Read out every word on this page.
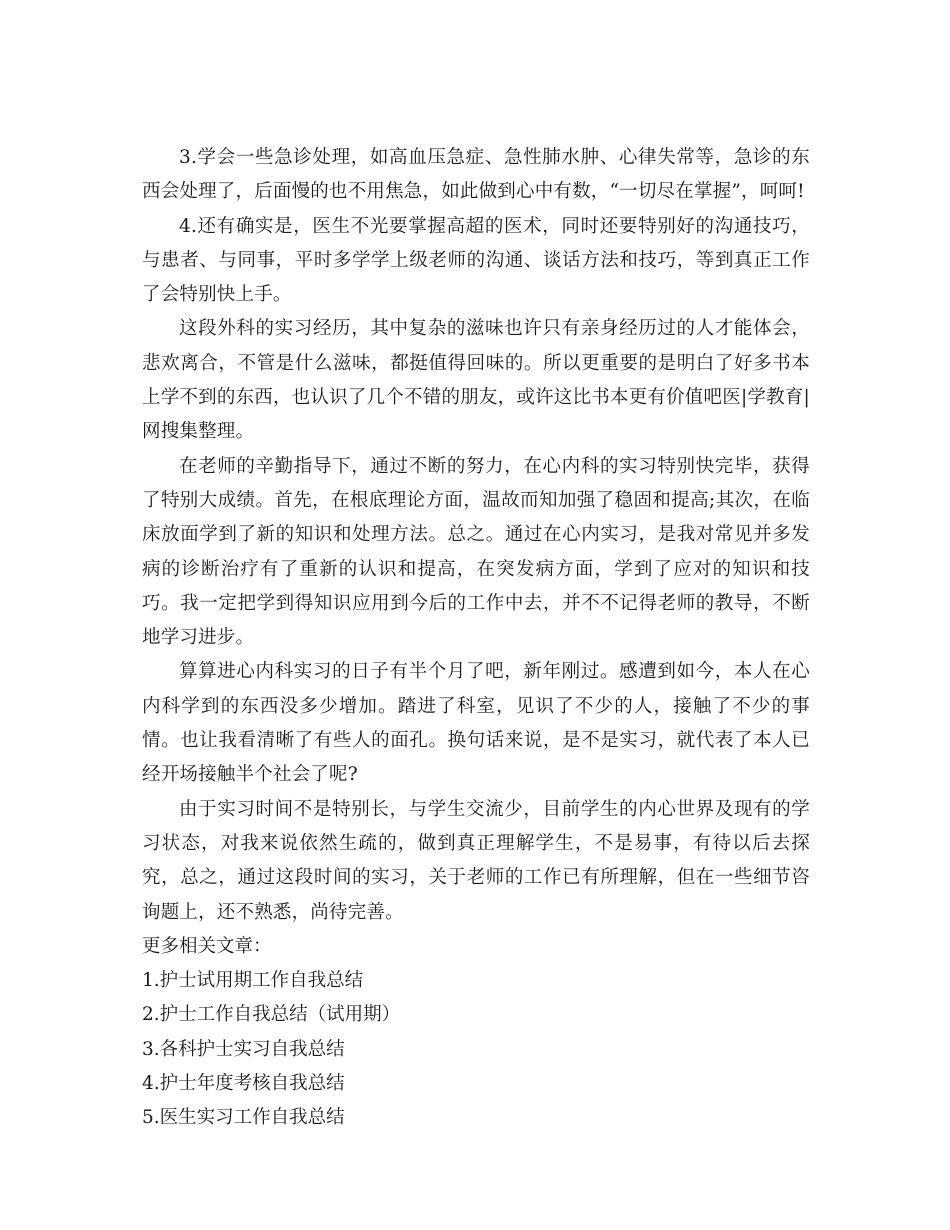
3.学会一些急诊处理，如高血压急症、急性肺水肿、心律失常等，急诊的东西会处理了，后面慢的也不用焦急，如此做到心中有数，“一切尽在掌握”，呵呵!

4.还有确实是，医生不光要掌握高超的医术，同时还要特别好的沟通技巧，与患者、与同事，平时多学学上级老师的沟通、谈话方法和技巧，等到真正工作了会特别快上手。

这段外科的实习经历，其中复杂的滋味也许只有亲身经历过的人才能体会，悲欢离合，不管是什么滋味，都挺值得回味的。所以更重要的是明白了好多书本上学不到的东西，也认识了几个不错的朋友，或许这比书本更有价值吧医|学教育|网搜集整理。

在老师的辛勤指导下，通过不断的努力，在心内科的实习特别快完毕，获得了特别大成绩。首先，在根底理论方面，温故而知加强了稳固和提高;其次，在临床放面学到了新的知识和处理方法。总之。通过在心内实习，是我对常见并多发病的诊断治疗有了重新的认识和提高，在突发病方面，学到了应对的知识和技巧。我一定把学到得知识应用到今后的工作中去，并不不记得老师的教导，不断地学习进步。

算算进心内科实习的日子有半个月了吧，新年刚过。感遭到如今，本人在心内科学到的东西没多少增加。踏进了科室，见识了不少的人，接触了不少的事情。也让我看清晰了有些人的面孔。换句话来说，是不是实习，就代表了本人已经开场接触半个社会了呢?

由于实习时间不是特别长，与学生交流少，目前学生的内心世界及现有的学习状态，对我来说依然生疏的，做到真正理解学生，不是易事，有待以后去探究，总之，通过这段时间的实习，关于老师的工作已有所理解，但在一些细节咨询题上，还不熟悉，尚待完善。

更多相关文章：

1.护士试用期工作自我总结
2.护士工作自我总结（试用期）
3.各科护士实习自我总结
4.护士年度考核自我总结
5.医生实习工作自我总结
